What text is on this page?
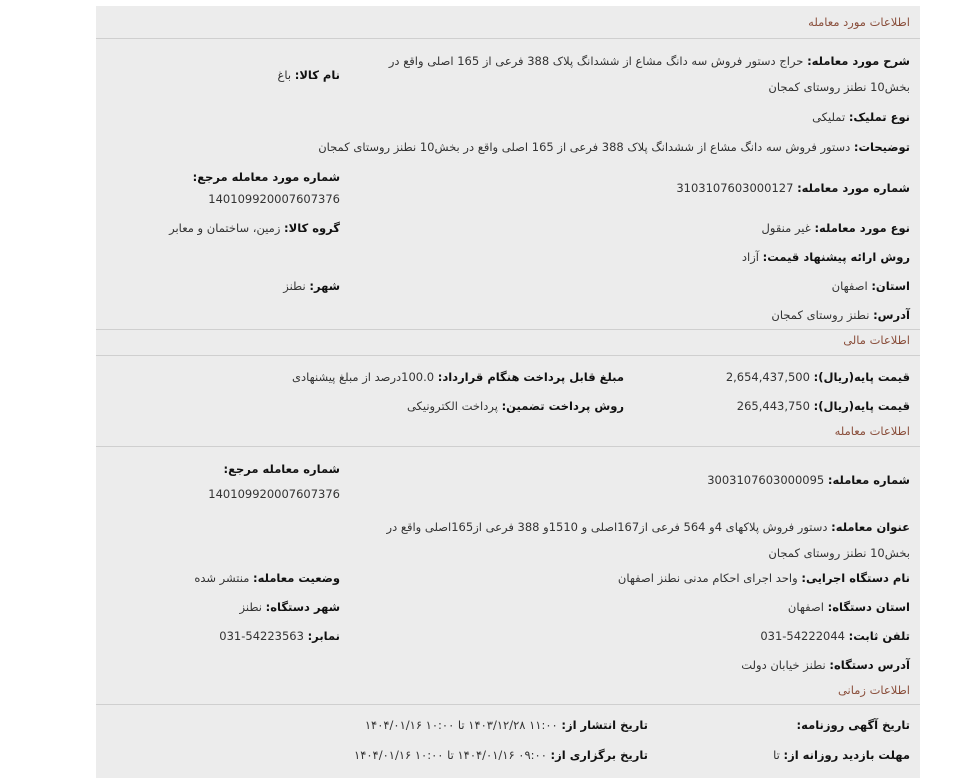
اطلاعات مورد معامله
شرح مورد معامله: حراج دستور فروش سه دانگ مشاع از ششدانگ پلاک 388 فرعی از 165 اصلی واقع در بخش10 نطنز روستای کمجان
نام کالا: باغ
نوع تملیک: تملیکی
توضیحات: دستور فروش سه دانگ مشاع از ششدانگ پلاک 388 فرعی از 165 اصلی واقع در بخش10 نطنز روستای کمجان
شماره مورد معامله مرجع:
شماره مورد معامله: 3103107603000127
140109920007607376
نوع مورد معامله: غیر منقول
گروه کالا: زمین، ساختمان و معابر
روش ارائه پیشنهاد قیمت: آزاد
استان: اصفهان
شهر: نطنز
آدرس: نطنز روستای کمجان
اطلاعات مالی
قیمت پایه(ریال): 2,654,437,500
مبلغ قابل پرداخت هنگام قرارداد: 100.0درصد از مبلغ پیشنهادی
قیمت پایه(ریال): 265,443,750
روش پرداخت تضمین: پرداخت الکترونیکی
اطلاعات معامله
شماره معامله مرجع:
شماره معامله: 3003107603000095
140109920007607376
عنوان معامله: دستور فروش پلاکهای 4و 564 فرعی از167اصلی و 1510و 388 فرعی از165اصلی واقع در بخش10 نطنز روستای کمجان
نام دستگاه اجرایی: واحد اجرای احکام مدنی نطنز اصفهان
وضعیت معامله: منتشر شده
استان دستگاه: اصفهان
شهر دستگاه: نطنز
تلفن ثابت: 031-54222044
نمابر: 031-54223563
آدرس دستگاه: نطنز خیابان دولت
اطلاعات زمانی
تاریخ آگهی روزنامه:
تاریخ انتشار از: ۱۱:۰۰ ۱۴۰۳/۱۲/۲۸ تا ۱۰:۰۰ ۱۴۰۴/۰۱/۱۶
مهلت بازدید روزانه از: تا
تاریخ برگزاری از: ۰۹:۰۰ ۱۴۰۴/۰۱/۱۶ تا ۱۰:۰۰ ۱۴۰۴/۰۱/۱۶
